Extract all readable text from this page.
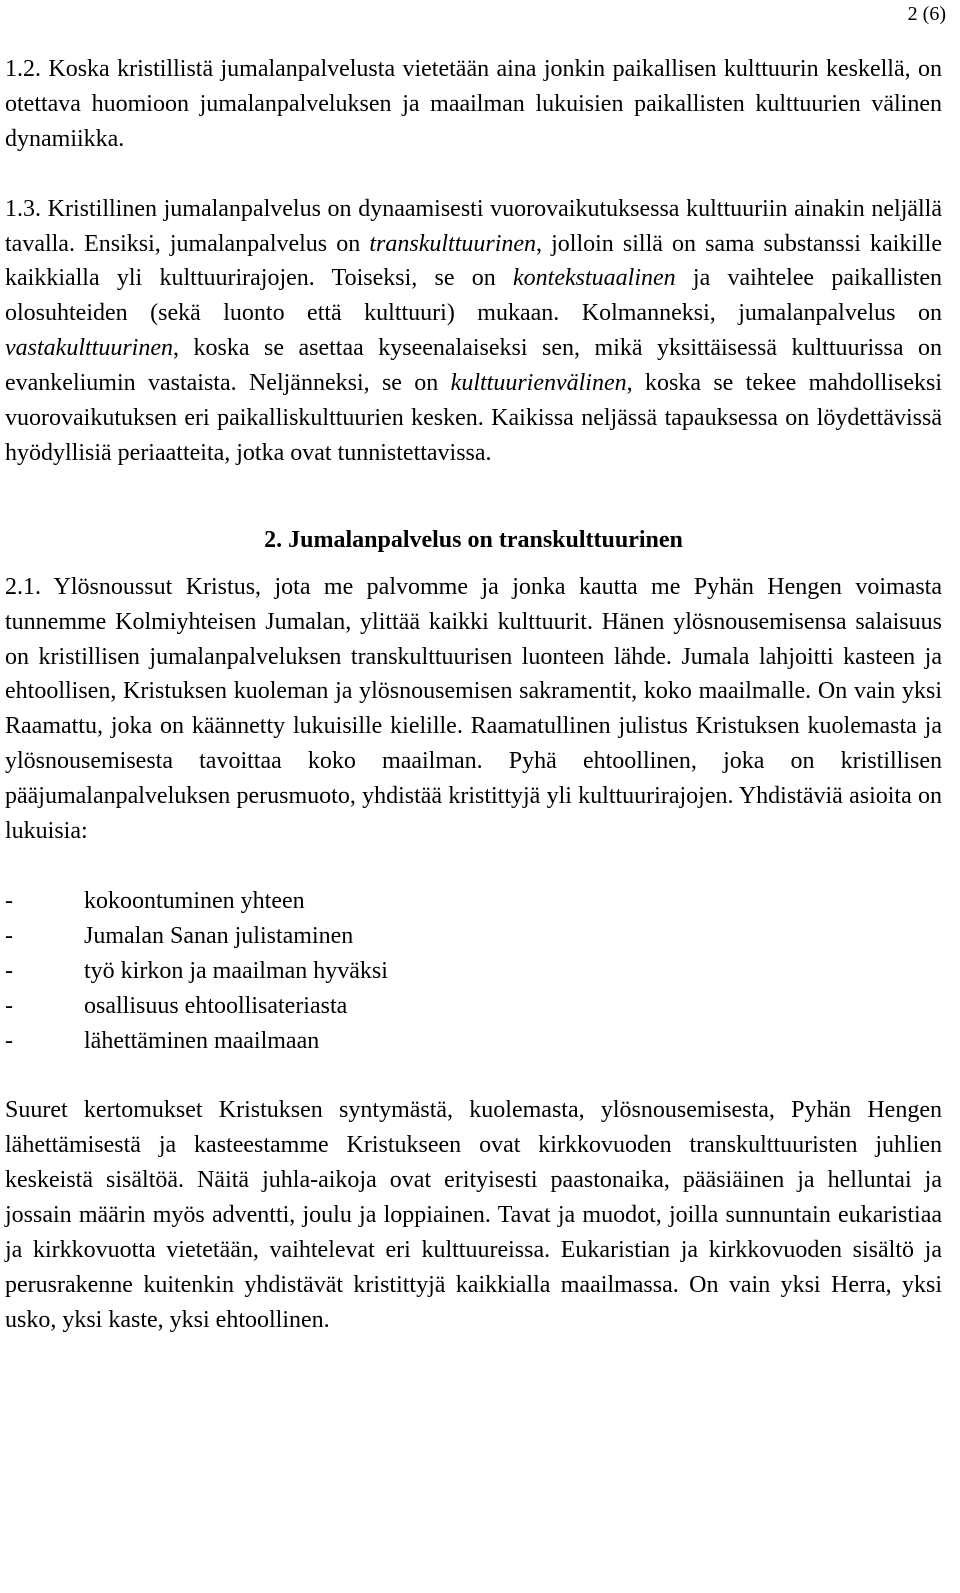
2 (6)

1.2. Koska kristillistä jumalanpalvelusta vietetään aina jonkin paikallisen kulttuurin keskellä, on otettava huomioon jumalanpalveluksen ja maailman lukuisien paikallisten kulttuurien välinen dynamiikka.

1.3. Kristillinen jumalanpalvelus on dynaamisesti vuorovaikutuksessa kulttuuriin ainakin neljällä tavalla. Ensiksi, jumalanpalvelus on transkulttuurinen, jolloin sillä on sama substanssi kaikille kaikkialla yli kulttuurirajojen. Toiseksi, se on kontekstuaalinen ja vaihtelee paikallisten olosuhteiden (sekä luonto että kulttuuri) mukaan. Kolmanneksi, jumalanpalvelus on vastakulttuurinen, koska se asettaa kyseenalaiseksi sen, mikä yksittäisessä kulttuurissa on evankeliumin vastaista. Neljänneksi, se on kulttuurienvälinen, koska se tekee mahdolliseksi vuorovaikutuksen eri paikalliskulttuurien kesken. Kaikissa neljässä tapauksessa on löydettävissä hyödyllisiä periaatteita, jotka ovat tunnistettavissa.

2. Jumalanpalvelus on transkulttuurinen

2.1. Ylösnoussut Kristus, jota me palvomme ja jonka kautta me Pyhän Hengen voimasta tunnemme Kolmiyhteisen Jumalan, ylittää kaikki kulttuurit. Hänen ylösnousemisensa salaisuus on kristillisen jumalanpalveluksen transkulttuurisen luonteen lähde. Jumala lahjoitti kasteen ja ehtoollisen, Kristuksen kuoleman ja ylösnousemisen sakramentit, koko maailmalle. On vain yksi Raamattu, joka on käännetty lukuisille kielille. Raamatullinen julistus Kristuksen kuolemasta ja ylösnousemisesta tavoittaa koko maailman. Pyhä ehtoollinen, joka on kristillisen pääjumalanpalveluksen perusmuoto, yhdistää kristittyjä yli kulttuurirajojen. Yhdistäviä asioita on lukuisia:

-	kokoontuminen yhteen
-	Jumalan Sanan julistaminen
-	työ kirkon ja maailman hyväksi
-	osallisuus ehtoollisateriasta
-	lähettäminen maailmaan

Suuret kertomukset Kristuksen syntymästä, kuolemasta, ylösnousemisesta, Pyhän Hengen lähettämisestä ja kasteestamme Kristukseen ovat kirkkovuoden transkulttuuristen juhlien keskeistä sisältöä. Näitä juhla-aikoja ovat erityisesti paastonaika, pääsiäinen ja helluntai ja jossain määrin myös adventti, joulu ja loppiainen. Tavat ja muodot, joilla sunnuntain eukaristiaa ja kirkkovuotta vietetään, vaihtelevat eri kulttuureissa. Eukaristian ja kirkkovuoden sisältö ja perusrakenne kuitenkin yhdistävät kristittyjä kaikkialla maailmassa. On vain yksi Herra, yksi usko, yksi kaste, yksi ehtoollinen.
